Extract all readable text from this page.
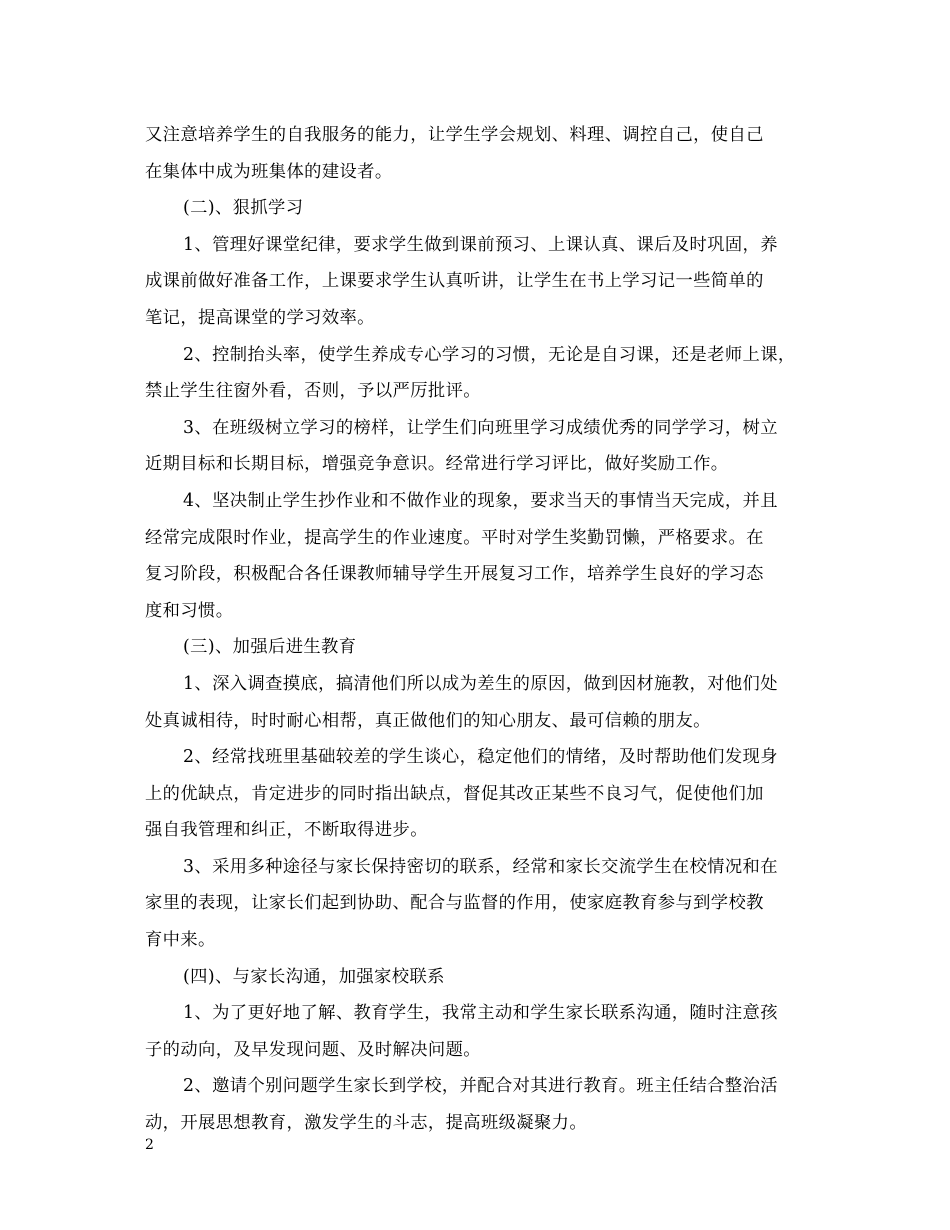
又注意培养学生的自我服务的能力，让学生学会规划、料理、调控自己，使自己
在集体中成为班集体的建设者。
(二)、狠抓学习
1、管理好课堂纪律，要求学生做到课前预习、上课认真、课后及时巩固，养
成课前做好准备工作，上课要求学生认真听讲，让学生在书上学习记一些简单的
笔记，提高课堂的学习效率。
2、控制抬头率，使学生养成专心学习的习惯，无论是自习课，还是老师上课，
禁止学生往窗外看，否则，予以严厉批评。
3、在班级树立学习的榜样，让学生们向班里学习成绩优秀的同学学习，树立
近期目标和长期目标，增强竞争意识。经常进行学习评比，做好奖励工作。
4、坚决制止学生抄作业和不做作业的现象，要求当天的事情当天完成，并且
经常完成限时作业，提高学生的作业速度。平时对学生奖勤罚懒，严格要求。在
复习阶段，积极配合各任课教师辅导学生开展复习工作，培养学生良好的学习态
度和习惯。
(三)、加强后进生教育
1、深入调查摸底，搞清他们所以成为差生的原因，做到因材施教，对他们处
处真诚相待，时时耐心相帮，真正做他们的知心朋友、最可信赖的朋友。
2、经常找班里基础较差的学生谈心，稳定他们的情绪，及时帮助他们发现身
上的优缺点，肯定进步的同时指出缺点，督促其改正某些不良习气，促使他们加
强自我管理和纠正，不断取得进步。
3、采用多种途径与家长保持密切的联系，经常和家长交流学生在校情况和在
家里的表现，让家长们起到协助、配合与监督的作用，使家庭教育参与到学校教
育中来。
(四)、与家长沟通，加强家校联系
1、为了更好地了解、教育学生，我常主动和学生家长联系沟通，随时注意孩
子的动向，及早发现问题、及时解决问题。
2、邀请个别问题学生家长到学校，并配合对其进行教育。班主任结合整治活
动，开展思想教育，激发学生的斗志，提高班级凝聚力。
2
